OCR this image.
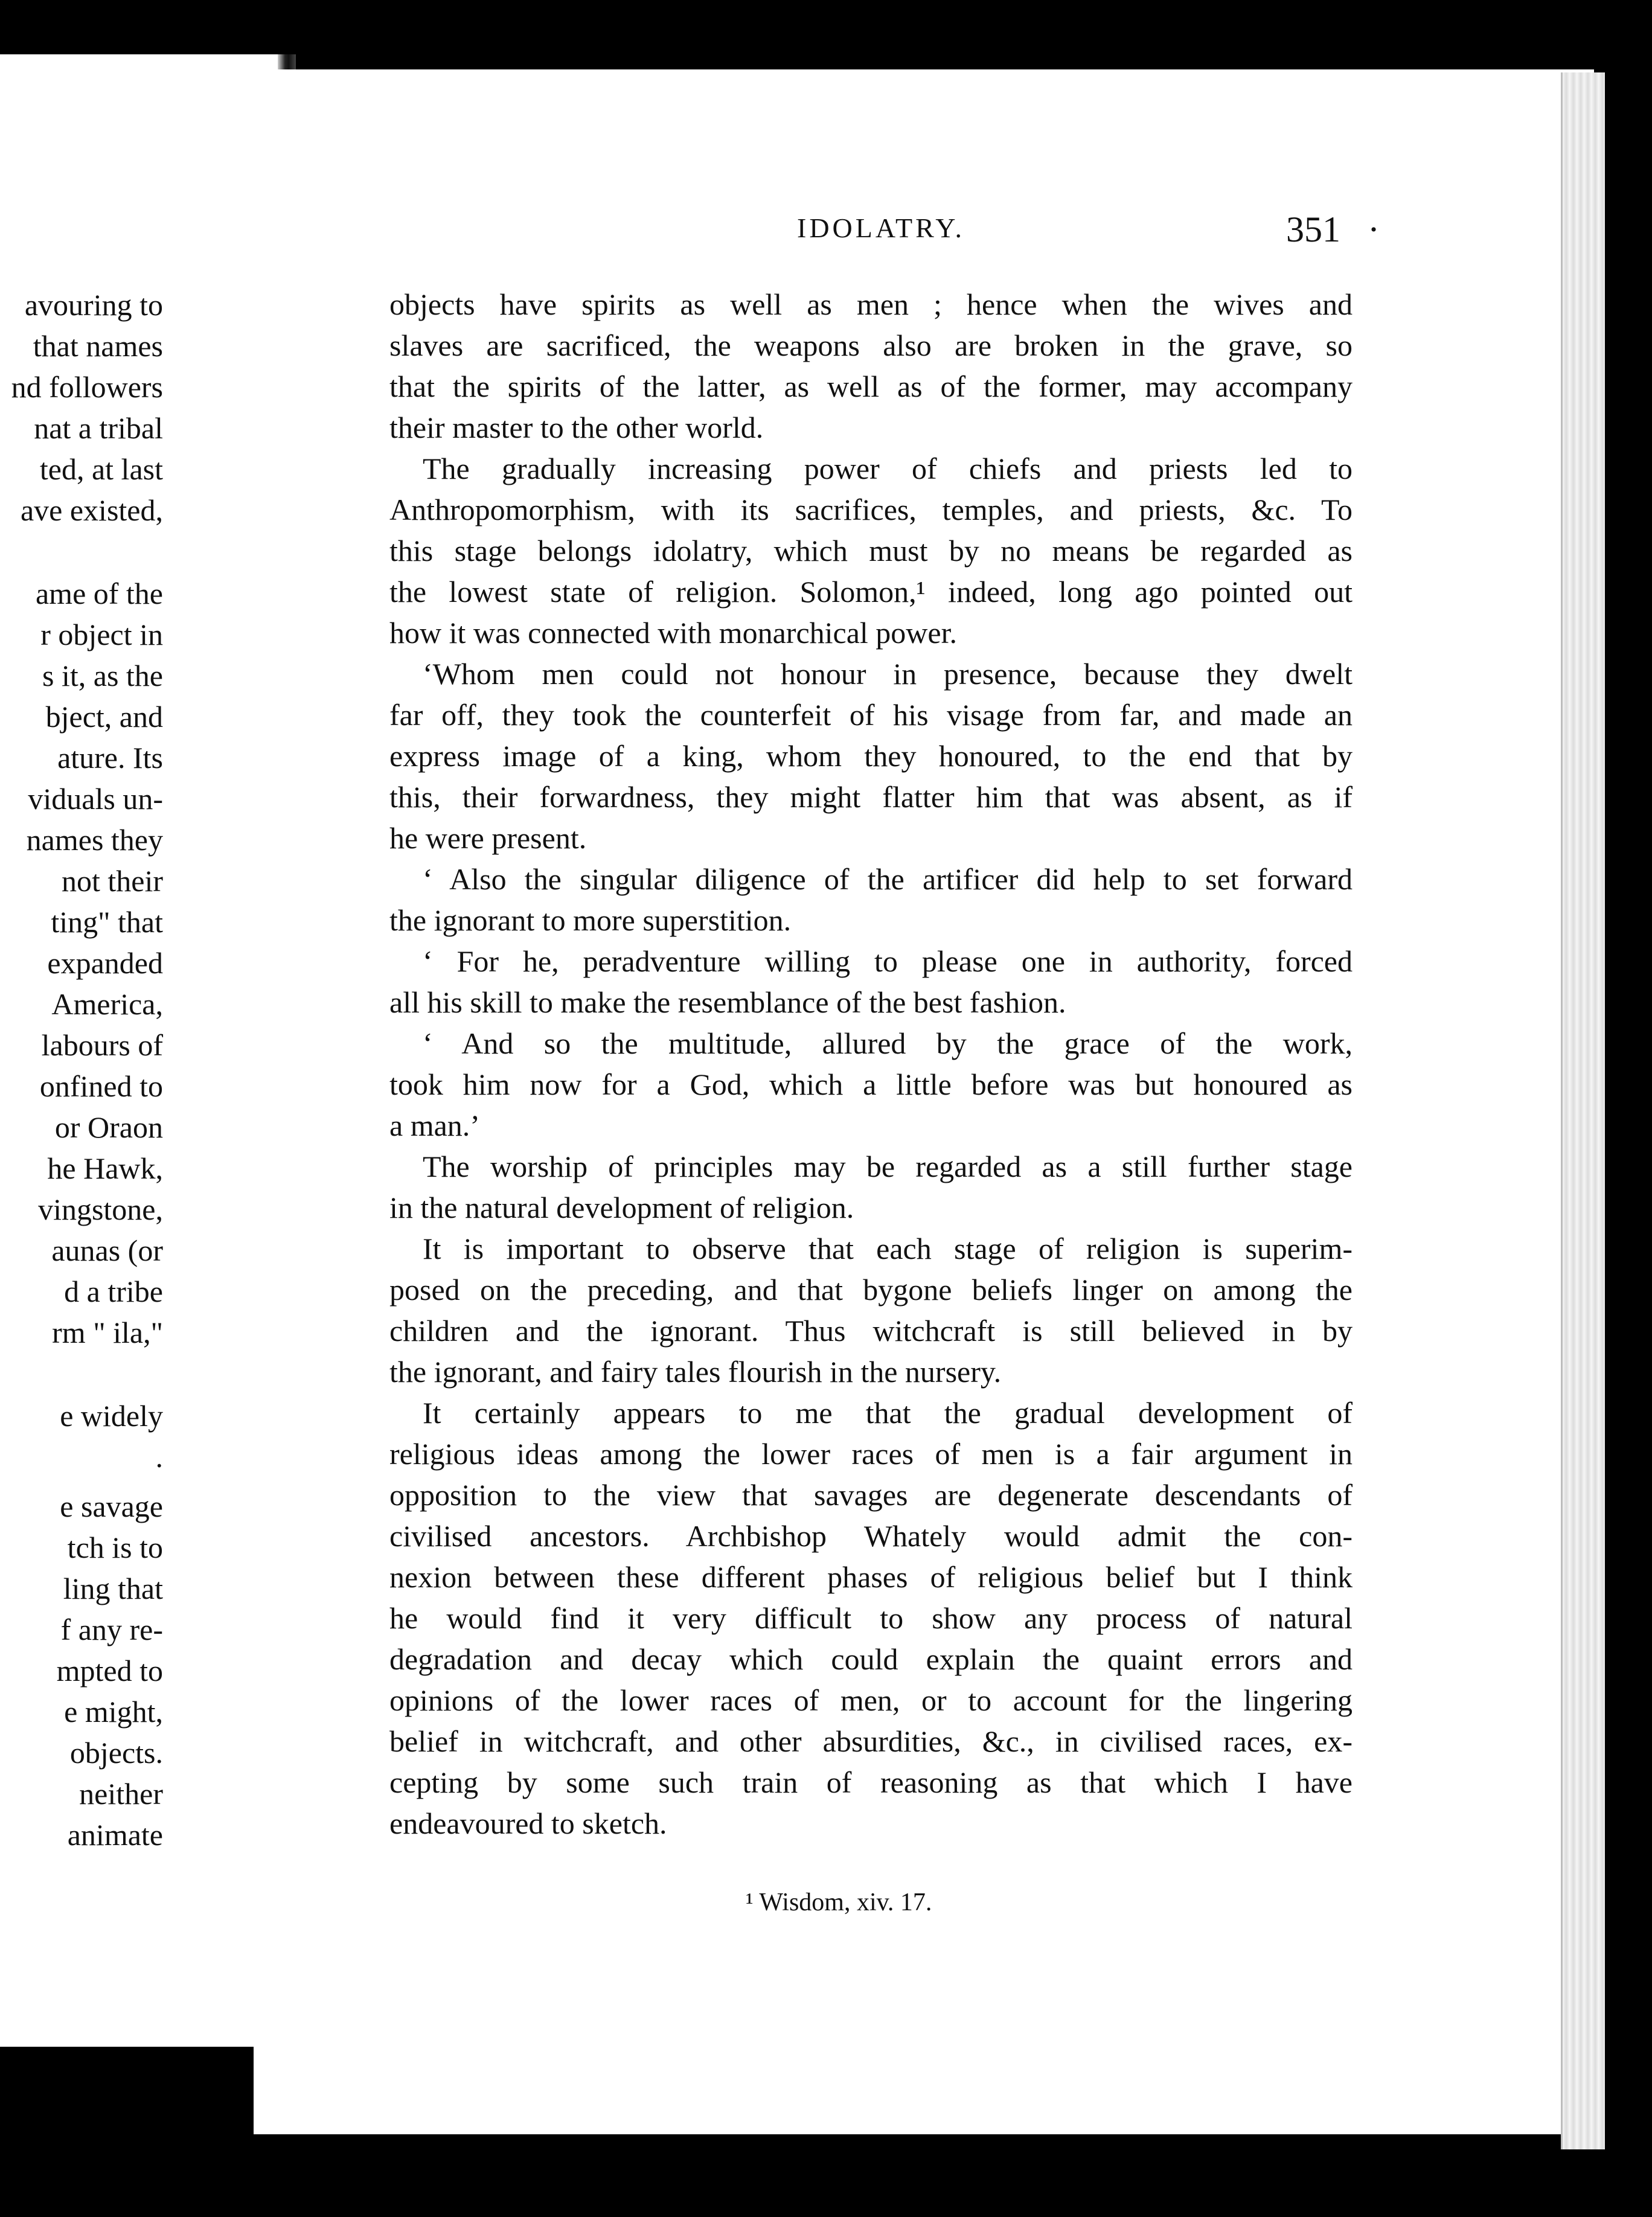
avouring to
that names
nd followers
nat a tribal
ted, at last
ave existed,
ame of the
r object in
s it, as the
bject, and
ature. Its
viduals un-
names they
not their
ting" that
expanded
America,
labours of
onfined to
or Oraon
he Hawk,
vingstone,
aunas (or
d a tribe
rm " ila,"
e widely
.
e savage
tch is to
ling that
f any re-
mpted to
e might,
objects.
neither
animate
IDOLATRY.	351 ·
objects have spirits as well as men ; hence when the wives and
slaves are sacrificed, the weapons also are broken in the grave, so
that the spirits of the latter, as well as of the former, may accompany
their master to the other world.
The gradually increasing power of chiefs and priests led to
Anthropomorphism, with its sacrifices, temples, and priests, &c. To
this stage belongs idolatry, which must by no means be regarded as
the lowest state of religion. Solomon,¹ indeed, long ago pointed out
how it was connected with monarchical power.
‘Whom men could not honour in presence, because they dwelt
far off, they took the counterfeit of his visage from far, and made an
express image of a king, whom they honoured, to the end that by
this, their forwardness, they might flatter him that was absent, as if
he were present.
‘ Also the singular diligence of the artificer did help to set forward
the ignorant to more superstition.
‘ For he, peradventure willing to please one in authority, forced
all his skill to make the resemblance of the best fashion.
‘ And so the multitude, allured by the grace of the work,
took him now for a God, which a little before was but honoured as
a man.’
The worship of principles may be regarded as a still further stage
in the natural development of religion.
It is important to observe that each stage of religion is superim-
posed on the preceding, and that bygone beliefs linger on among the
children and the ignorant. Thus witchcraft is still believed in by
the ignorant, and fairy tales flourish in the nursery.
It certainly appears to me that the gradual development of
religious ideas among the lower races of men is a fair argument in
opposition to the view that savages are degenerate descendants of
civilised ancestors. Archbishop Whately would admit the con-
nexion between these different phases of religious belief but I think
he would find it very difficult to show any process of natural
degradation and decay which could explain the quaint errors and
opinions of the lower races of men, or to account for the lingering
belief in witchcraft, and other absurdities, &c., in civilised races, ex-
cepting by some such train of reasoning as that which I have
endeavoured to sketch.
¹ Wisdom, xiv. 17.
